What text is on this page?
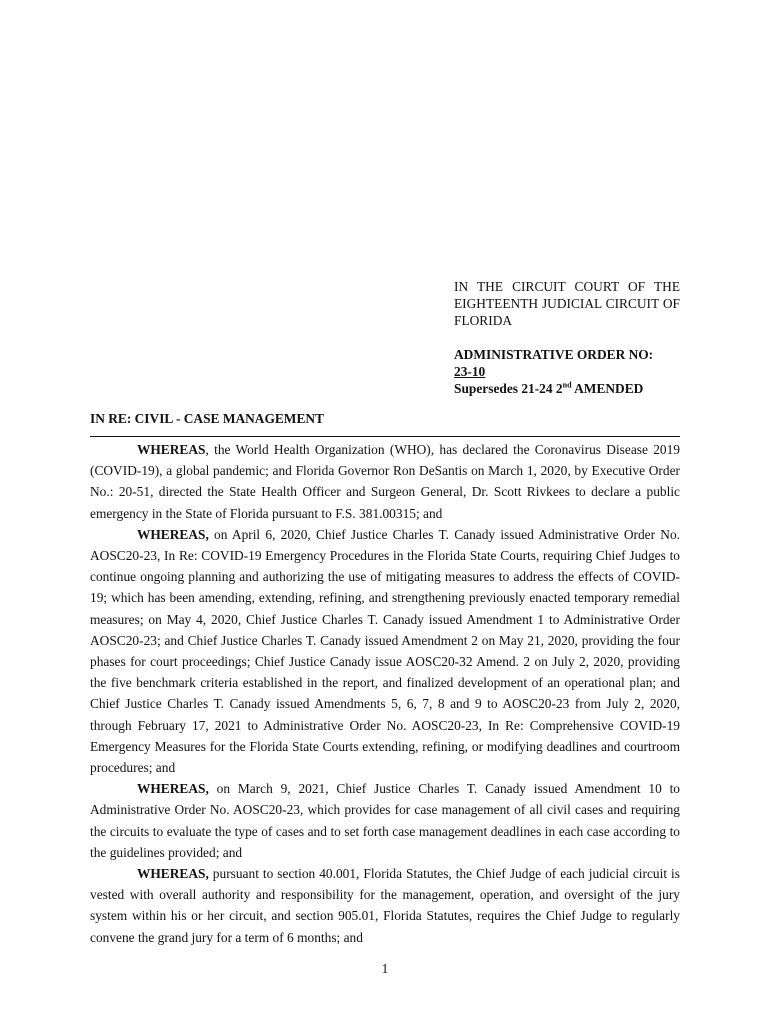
IN THE CIRCUIT COURT OF THE EIGHTEENTH JUDICIAL CIRCUIT OF FLORIDA

ADMINISTRATIVE ORDER NO:
23-10
Supersedes 21-24 2nd AMENDED
IN RE: CIVIL - CASE MANAGEMENT

WHEREAS, the World Health Organization (WHO), has declared the Coronavirus Disease 2019 (COVID-19), a global pandemic; and Florida Governor Ron DeSantis on March 1, 2020, by Executive Order No.: 20-51, directed the State Health Officer and Surgeon General, Dr. Scott Rivkees to declare a public emergency in the State of Florida pursuant to F.S. 381.00315; and

WHEREAS, on April 6, 2020, Chief Justice Charles T. Canady issued Administrative Order No. AOSC20-23, In Re: COVID-19 Emergency Procedures in the Florida State Courts, requiring Chief Judges to continue ongoing planning and authorizing the use of mitigating measures to address the effects of COVID-19; which has been amending, extending, refining, and strengthening previously enacted temporary remedial measures; on May 4, 2020, Chief Justice Charles T. Canady issued Amendment 1 to Administrative Order AOSC20-23; and Chief Justice Charles T. Canady issued Amendment 2 on May 21, 2020, providing the four phases for court proceedings; Chief Justice Canady issue AOSC20-32 Amend. 2 on July 2, 2020, providing the five benchmark criteria established in the report, and finalized development of an operational plan; and Chief Justice Charles T. Canady issued Amendments 5, 6, 7, 8 and 9 to AOSC20-23 from July 2, 2020, through February 17, 2021 to Administrative Order No. AOSC20-23, In Re: Comprehensive COVID-19 Emergency Measures for the Florida State Courts extending, refining, or modifying deadlines and courtroom procedures; and

WHEREAS, on March 9, 2021, Chief Justice Charles T. Canady issued Amendment 10 to Administrative Order No. AOSC20-23, which provides for case management of all civil cases and requiring the circuits to evaluate the type of cases and to set forth case management deadlines in each case according to the guidelines provided; and

WHEREAS, pursuant to section 40.001, Florida Statutes, the Chief Judge of each judicial circuit is vested with overall authority and responsibility for the management, operation, and oversight of the jury system within his or her circuit, and section 905.01, Florida Statutes, requires the Chief Judge to regularly convene the grand jury for a term of 6 months; and

1
